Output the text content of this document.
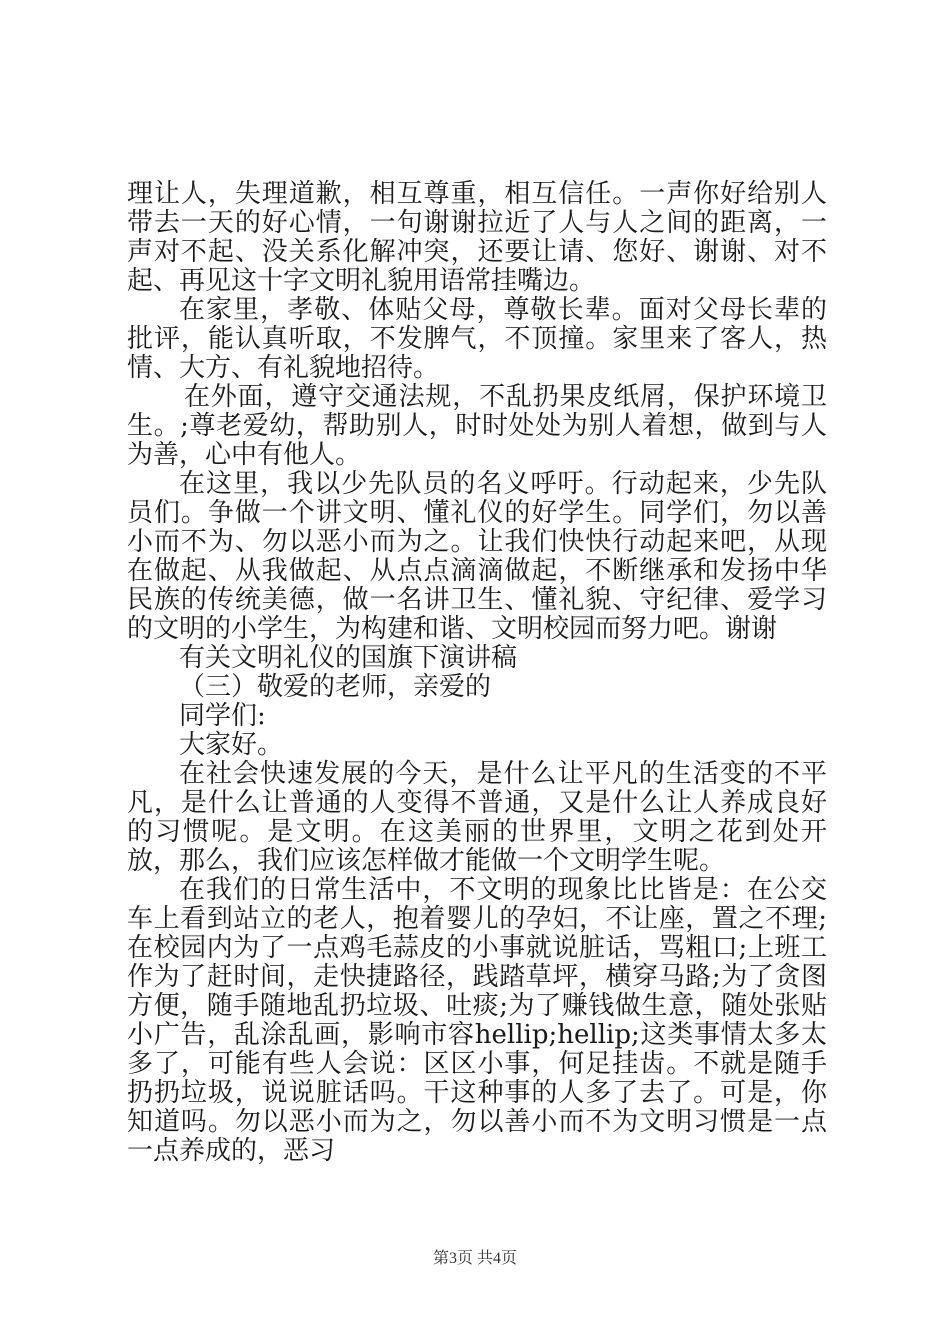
理让人，失理道歉，相互尊重，相互信任。一声你好给别人带去一天的好心情，一句谢谢拉近了人与人之间的距离，一声对不起、没关系化解冲突，还要让请、您好、谢谢、对不起、再见这十字文明礼貌用语常挂嘴边。

在家里，孝敬、体贴父母，尊敬长辈。面对父母长辈的批评，能认真听取，不发脾气，不顶撞。家里来了客人，热情、大方、有礼貌地招待。

在外面，遵守交通法规，不乱扔果皮纸屑，保护环境卫生。;尊老爱幼，帮助别人，时时处处为别人着想，做到与人为善，心中有他人。

在这里，我以少先队员的名义呼吁。行动起来，少先队员们。争做一个讲文明、懂礼仪的好学生。同学们，勿以善小而不为、勿以恶小而为之。让我们快快行动起来吧，从现在做起、从我做起、从点点滴滴做起，不断继承和发扬中华民族的传统美德，做一名讲卫生、懂礼貌、守纪律、爱学习的文明的小学生，为构建和谐、文明校园而努力吧。谢谢

有关文明礼仪的国旗下演讲稿

（三）敬爱的老师，亲爱的

同学们:

大家好。

在社会快速发展的今天，是什么让平凡的生活变的不平凡，是什么让普通的人变得不普通，又是什么让人养成良好的习惯呢。是文明。在这美丽的世界里，文明之花到处开放，那么，我们应该怎样做才能做一个文明学生呢。

在我们的日常生活中，不文明的现象比比皆是：在公交车上看到站立的老人，抱着婴儿的孕妇，不让座，置之不理;在校园内为了一点鸡毛蒜皮的小事就说脏话，骂粗口;上班工作为了赶时间，走快捷路径，践踏草坪，横穿马路;为了贪图方便，随手随地乱扔垃圾、吐痰;为了赚钱做生意，随处张贴小广告，乱涂乱画，影响市容hellip;hellip;这类事情太多太多了，可能有些人会说：区区小事，何足挂齿。不就是随手扔扔垃圾，说说脏话吗。干这种事的人多了去了。可是，你知道吗。勿以恶小而为之，勿以善小而不为文明习惯是一点一点养成的，恶习

第3页 共4页
